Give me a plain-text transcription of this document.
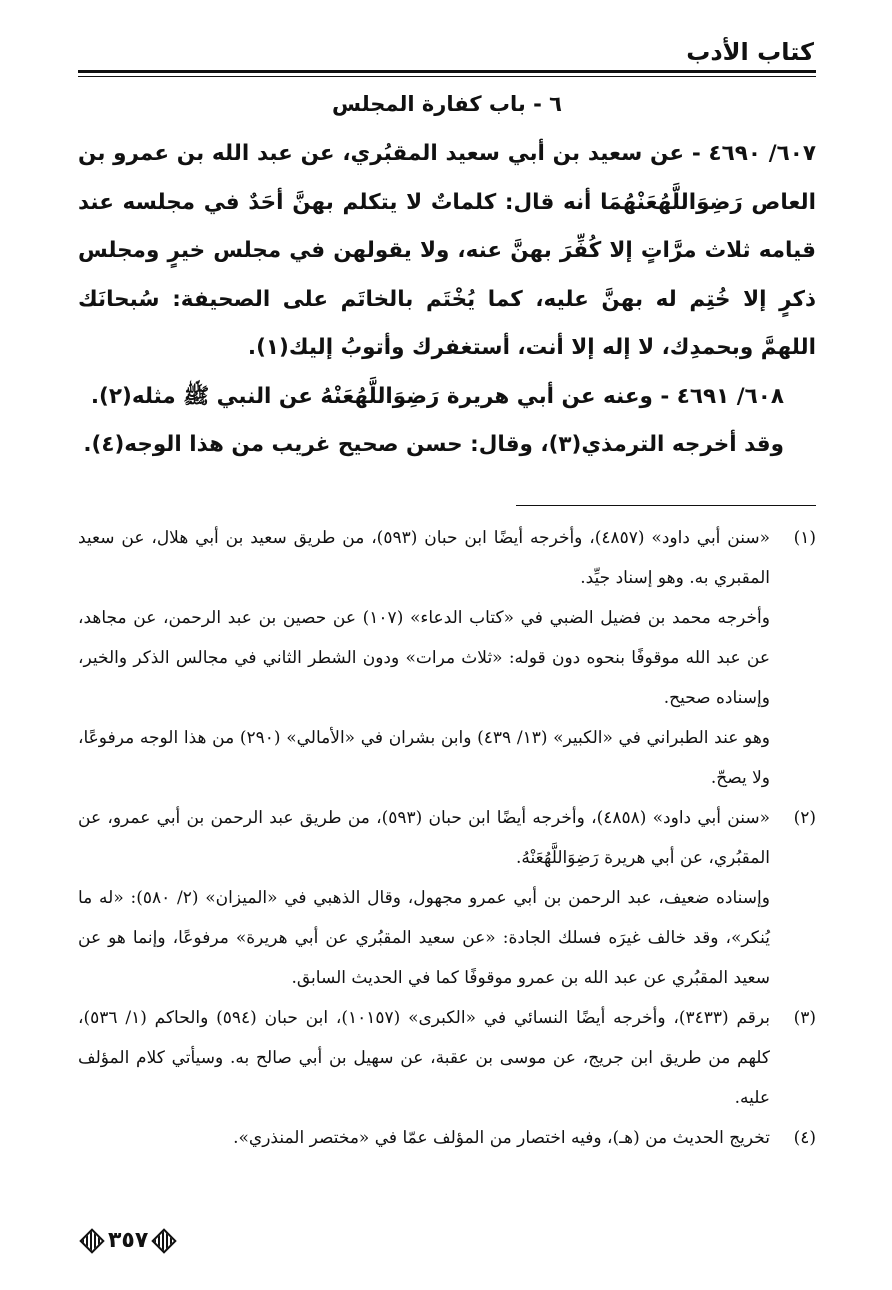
كتاب الأدب
٦ - باب كفارة المجلس

٦٠٧/ ٤٦٩٠ - عن سعيد بن أبي سعيد المقبُري، عن عبد الله بن عمرو بن العاص رَضِوَاللَّهُعَنْهُمَا أنه قال: كلماتٌ لا يتكلم بهنَّ أحَدٌ في مجلسه عند قيامه ثلاث مرَّاتٍ إلا كُفِّرَ بهنَّ عنه، ولا يقولهن في مجلس خيرٍ ومجلس ذكرٍ إلا خُتِم له بهنَّ عليه، كما يُخْتَم بالخاتَم على الصحيفة: سُبحانَك اللهمَّ وبحمدِك، لا إله إلا أنت، أستغفرك وأتوبُ إليك(١).

٦٠٨/ ٤٦٩١ - وعنه عن أبي هريرة رَضِوَاللَّهُعَنْهُ عن النبي ﷺ مثله(٢).

وقد أخرجه الترمذي(٣)، وقال: حسن صحيح غريب من هذا الوجه(٤).

(١)

«سنن أبي داود» (٤٨٥٧)، وأخرجه أيضًا ابن حبان (٥٩٣)، من طريق سعيد بن أبي هلال، عن سعيد المقبري به. وهو إسناد جيِّد.

وأخرجه محمد بن فضيل الضبي في «كتاب الدعاء» (١٠٧) عن حصين بن عبد الرحمن، عن مجاهد، عن عبد الله موقوفًا بنحوه دون قوله: «ثلاث مرات» ودون الشطر الثاني في مجالس الذكر والخير، وإسناده صحيح.

وهو عند الطبراني في «الكبير» (١٣/ ٤٣٩) وابن بشران في «الأمالي» (٢٩٠) من هذا الوجه مرفوعًا، ولا يصحّ.

(٢)

«سنن أبي داود» (٤٨٥٨)، وأخرجه أيضًا ابن حبان (٥٩٣)، من طريق عبد الرحمن بن أبي عمرو، عن المقبُري، عن أبي هريرة رَضِوَاللَّهُعَنْهُ.

وإسناده ضعيف، عبد الرحمن بن أبي عمرو مجهول، وقال الذهبي في «الميزان» (٢/ ٥٨٠): «له ما يُنكر»، وقد خالف غيرَه فسلك الجادة: «عن سعيد المقبُري عن أبي هريرة» مرفوعًا، وإنما هو عن سعيد المقبُري عن عبد الله بن عمرو موقوفًا كما في الحديث السابق.

(٣)

برقم (٣٤٣٣)، وأخرجه أيضًا النسائي في «الكبرى» (١٠١٥٧)، ابن حبان (٥٩٤) والحاكم (١/ ٥٣٦)، كلهم من طريق ابن جريج، عن موسى بن عقبة، عن سهيل بن أبي صالح به. وسيأتي كلام المؤلف عليه.

(٤)

تخريج الحديث من (هـ)، وفيه اختصار من المؤلف عمّا في «مختصر المنذري».

٣٥٧
